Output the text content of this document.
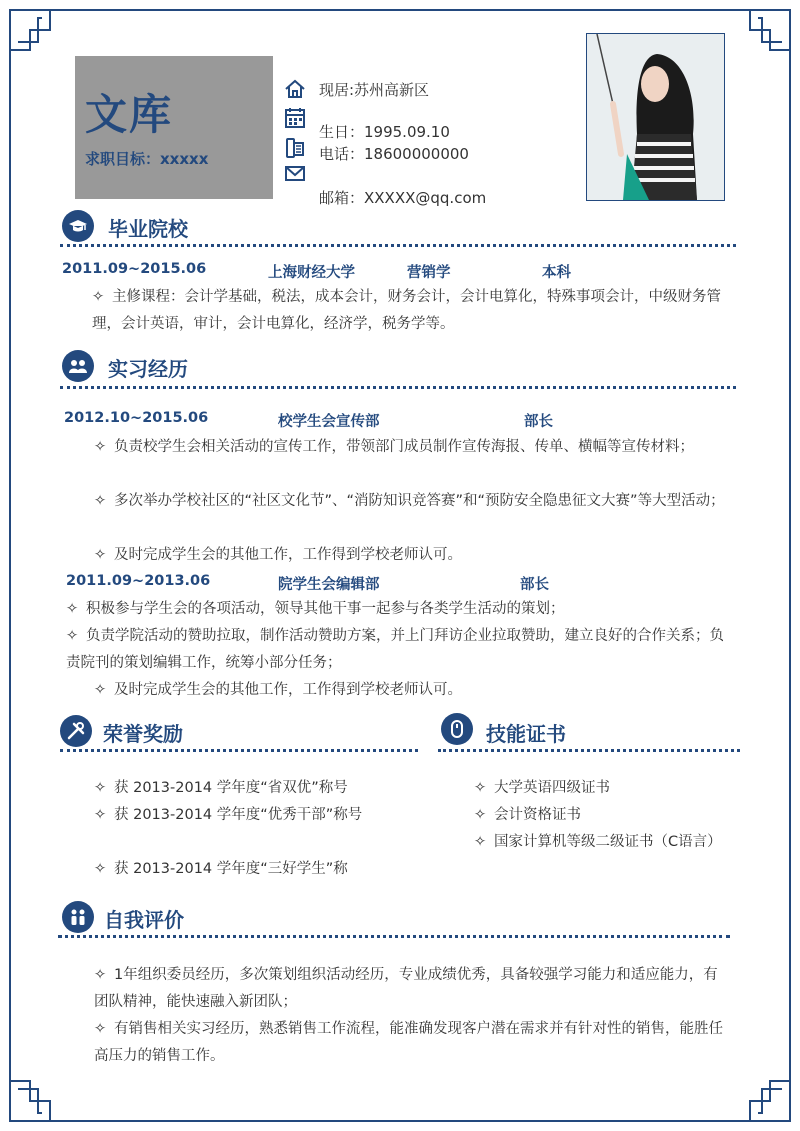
文库
求职目标：xxxxx
现居:苏州高新区
生日：1995.09.10
电话：18600000000
邮箱：XXXXX@qq.com
毕业院校
2011.09~2015.06	上海财经大学	营销学	本科
✧ 主修课程：会计学基础，税法，成本会计，财务会计，会计电算化，特殊事项会计，中级财务管理，会计英语，审计，会计电算化，经济学，税务学等。
实习经历
2012.10~2015.06	校学生会宣传部	部长
✧ 负责校学生会相关活动的宣传工作，带领部门成员制作宣传海报、传单、横幅等宣传材料；
✧ 多次举办学校社区的“社区文化节”、“消防知识竞答赛”和“预防安全隐患征文大赛”等大型活动；
✧ 及时完成学生会的其他工作，工作得到学校老师认可。
2011.09~2013.06	院学生会编辑部	部长
✧ 积极参与学生会的各项活动，领导其他干事一起参与各类学生活动的策划；
✧ 负责学院活动的赞助拉取，制作活动赞助方案，并上门拜访企业拉取赞助，建立良好的合作关系；负责院刊的策划编辑工作，统筹小部分任务；
✧ 及时完成学生会的其他工作，工作得到学校老师认可。
荣誉奖励
✧ 获 2013-2014 学年度“省双优”称号
✧ 获 2013-2014 学年度“优秀干部”称号
✧ 获 2013-2014 学年度“三好学生”称
技能证书
✧ 大学英语四级证书
✧ 会计资格证书
✧ 国家计算机等级二级证书（C语言）
自我评价
✧ 1年组织委员经历，多次策划组织活动经历，专业成绩优秀，具备较强学习能力和适应能力，有团队精神，能快速融入新团队；
✧ 有销售相关实习经历，熟悉销售工作流程，能准确发现客户潜在需求并有针对性的销售，能胜任高压力的销售工作。
